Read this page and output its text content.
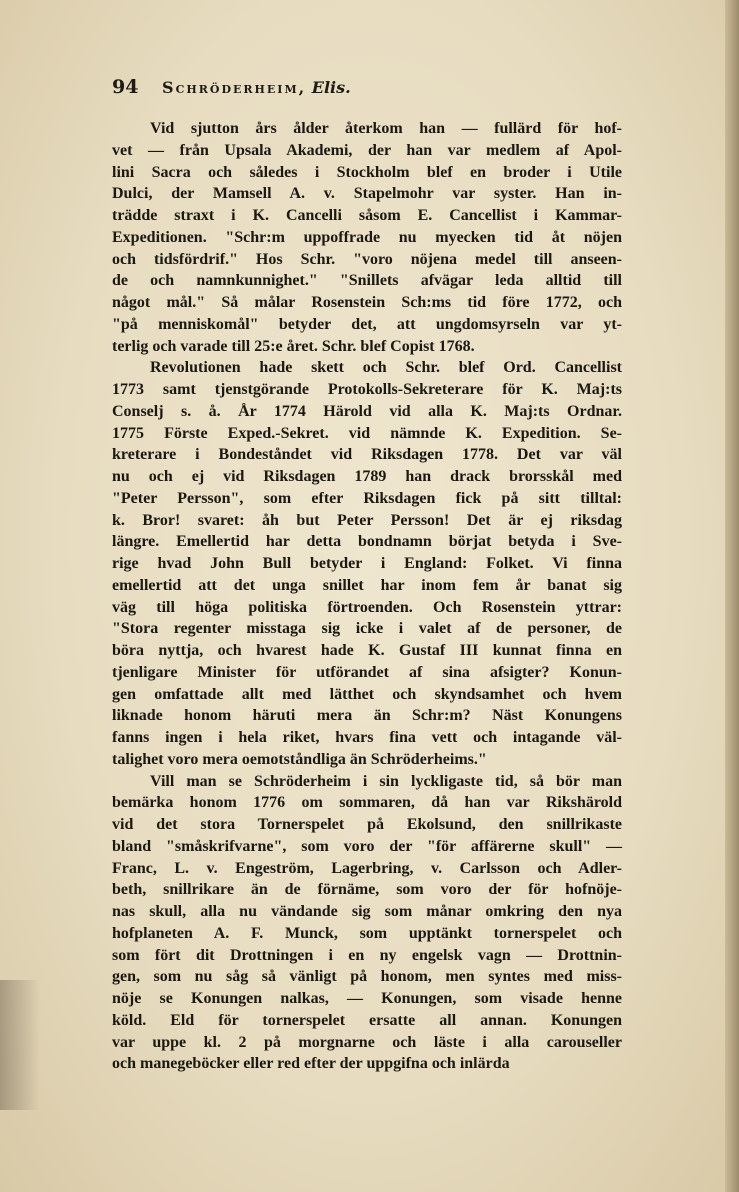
94 Schröderheim, Elis.
Vid sjutton års ålder återkom han — fullärd för hof-
vet — från Upsala Akademi, der han var medlem af Apol-
lini Sacra och således i Stockholm blef en broder i Utile
Dulci, der Mamsell A. v. Stapelmohr var syster. Han in-
trädde straxt i K. Cancelli såsom E. Cancellist i Kammar-
Expeditionen. "Schr:m uppoffrade nu myecken tid åt nöjen
och tidsfördrif." Hos Schr. "voro nöjena medel till anseen-
de och namnkunnighet." "Snillets afvägar leda alltid till
något mål." Så målar Rosenstein Sch:ms tid före 1772, och
"på menniskomål" betyder det, att ungdomsyrseln var yt-
terlig och varade till 25:e året. Schr. blef Copist 1768.
Revolutionen hade skett och Schr. blef Ord. Cancellist
1773 samt tjenstgörande Protokolls-Sekreterare för K. Maj:ts
Conselj s. å. År 1774 Härold vid alla K. Maj:ts Ordnar.
1775 Förste Exped.-Sekret. vid nämnde K. Expedition. Se-
kreterare i Bondeståndet vid Riksdagen 1778. Det var väl
nu och ej vid Riksdagen 1789 han drack brorsskål med
"Peter Persson", som efter Riksdagen fick på sitt tilltal:
k. Bror! svaret: åh but Peter Persson! Det är ej riksdag
längre. Emellertid har detta bondnamn börjat betyda i Sve-
rige hvad John Bull betyder i England: Folket. Vi finna
emellertid att det unga snillet har inom fem år banat sig
väg till höga politiska förtroenden. Och Rosenstein yttrar:
"Stora regenter misstaga sig icke i valet af de personer, de
böra nyttja, och hvarest hade K. Gustaf III kunnat finna en
tjenligare Minister för utförandet af sina afsigter? Konun-
gen omfattade allt med lätthet och skyndsamhet och hvem
liknade honom häruti mera än Schr:m? Näst Konungens
fanns ingen i hela riket, hvars fina vett och intagande väl-
talighet voro mera oemotståndliga än Schröderheims."
Vill man se Schröderheim i sin lyckligaste tid, så bör man
bemärka honom 1776 om sommaren, då han var Rikshärold
vid det stora Tornerspelet på Ekolsund, den snillrikaste
bland "småskrifvarne", som voro der "för affärerne skull" —
Franc, L. v. Engeström, Lagerbring, v. Carlsson och Adler-
beth, snillrikare än de förnäme, som voro der för hofnöje-
nas skull, alla nu vändande sig som månar omkring den nya
hofplaneten A. F. Munck, som upptänkt tornerspelet och
som fört dit Drottningen i en ny engelsk vagn — Drottnin-
gen, som nu såg så vänligt på honom, men syntes med miss-
nöje se Konungen nalkas, — Konungen, som visade henne
köld. Eld för tornerspelet ersatte all annan. Konungen
var uppe kl. 2 på morgnarne och läste i alla carouseller
och manegeböcker eller red efter der uppgifna och inlärda
